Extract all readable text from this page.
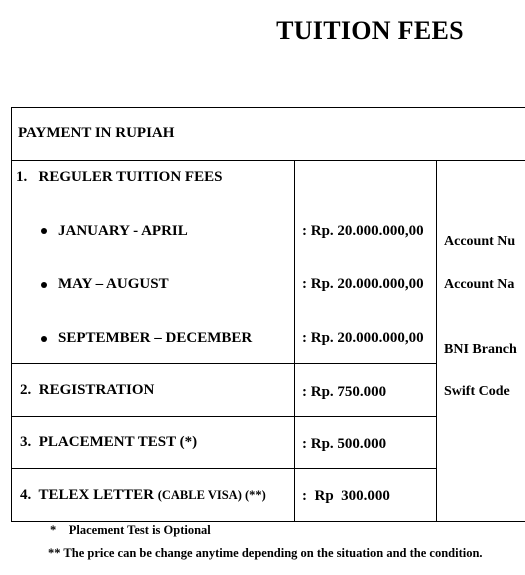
TUITION FEES
PAYMENT IN RUPIAH
1.   REGULER TUITION FEES
JANUARY - APRIL	: Rp. 20.000.000,00
MAY – AUGUST	: Rp. 20.000.000,00
SEPTEMBER – DECEMBER	: Rp. 20.000.000,00
2.  REGISTRATION	: Rp. 750.000
3.  PLACEMENT TEST (*)	: Rp. 500.000
4.  TELEX LETTER (CABLE VISA) (**) :  Rp  300.000
Account Nu
Account Na
BNI Branch
Swift Code
*    Placement Test is Optional
** The price can be change anytime depending on the situation and the condition.
